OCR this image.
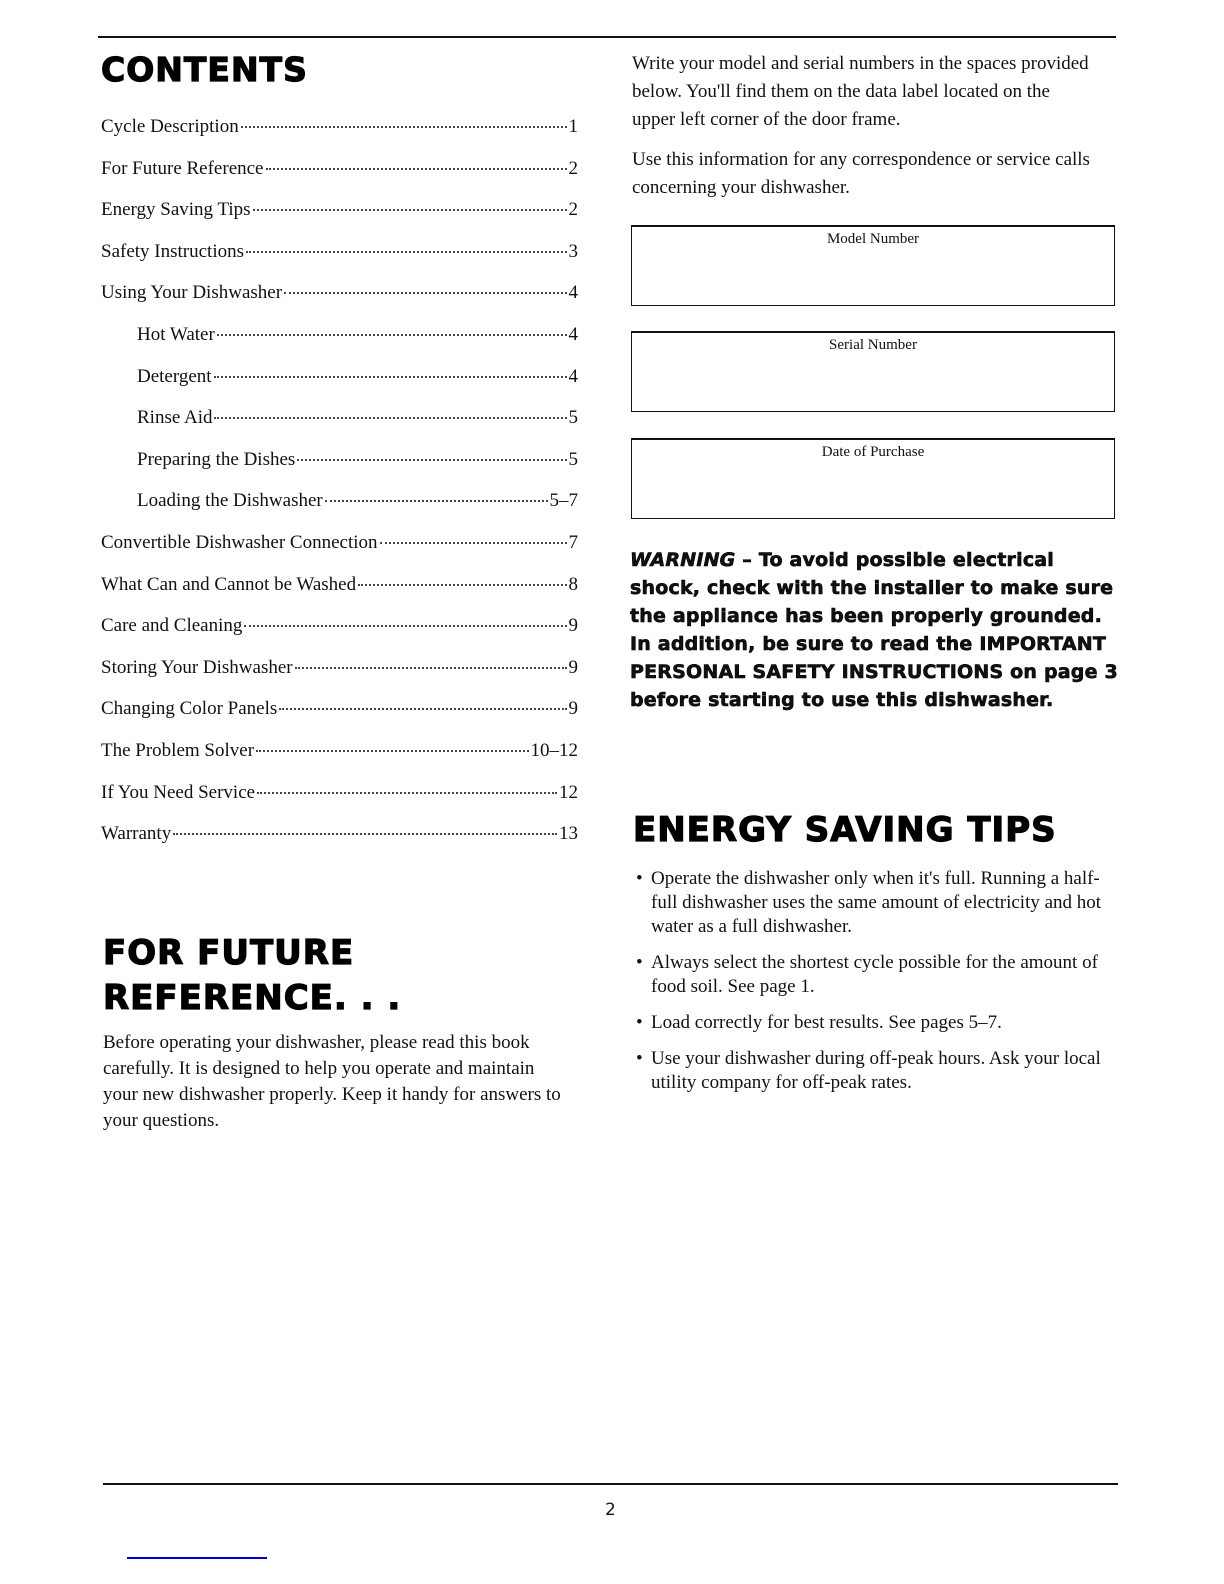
CONTENTS
Cycle Description	1
For Future Reference	2
Energy Saving Tips	2
Safety Instructions	3
Using Your Dishwasher	4
Hot Water	4
Detergent	4
Rinse Aid	5
Preparing the Dishes	5
Loading the Dishwasher	5–7
Convertible Dishwasher Connection	7
What Can and Cannot be Washed	8
Care and Cleaning	9
Storing Your Dishwasher	9
Changing Color Panels	9
The Problem Solver	10–12
If You Need Service	12
Warranty	13
FOR FUTURE
REFERENCE. . .
Before operating your dishwasher, please read this book carefully. It is designed to help you operate and maintain your new dishwasher properly. Keep it handy for answers to your questions.
Write your model and serial numbers in the spaces provided below. You'll find them on the data label located on the upper left corner of the door frame.
Use this information for any correspondence or service calls concerning your dishwasher.
Model Number
Serial Number
Date of Purchase
WARNING – To avoid possible electrical shock, check with the installer to make sure the appliance has been properly grounded. In addition, be sure to read the IMPORTANT PERSONAL SAFETY INSTRUCTIONS on page 3 before starting to use this dishwasher.
ENERGY SAVING TIPS
• Operate the dishwasher only when it's full. Running a half-full dishwasher uses the same amount of electricity and hot water as a full dishwasher.
• Always select the shortest cycle possible for the amount of food soil. See page 1.
• Load correctly for best results. See pages 5–7.
• Use your dishwasher during off-peak hours. Ask your local utility company for off-peak rates.
2
